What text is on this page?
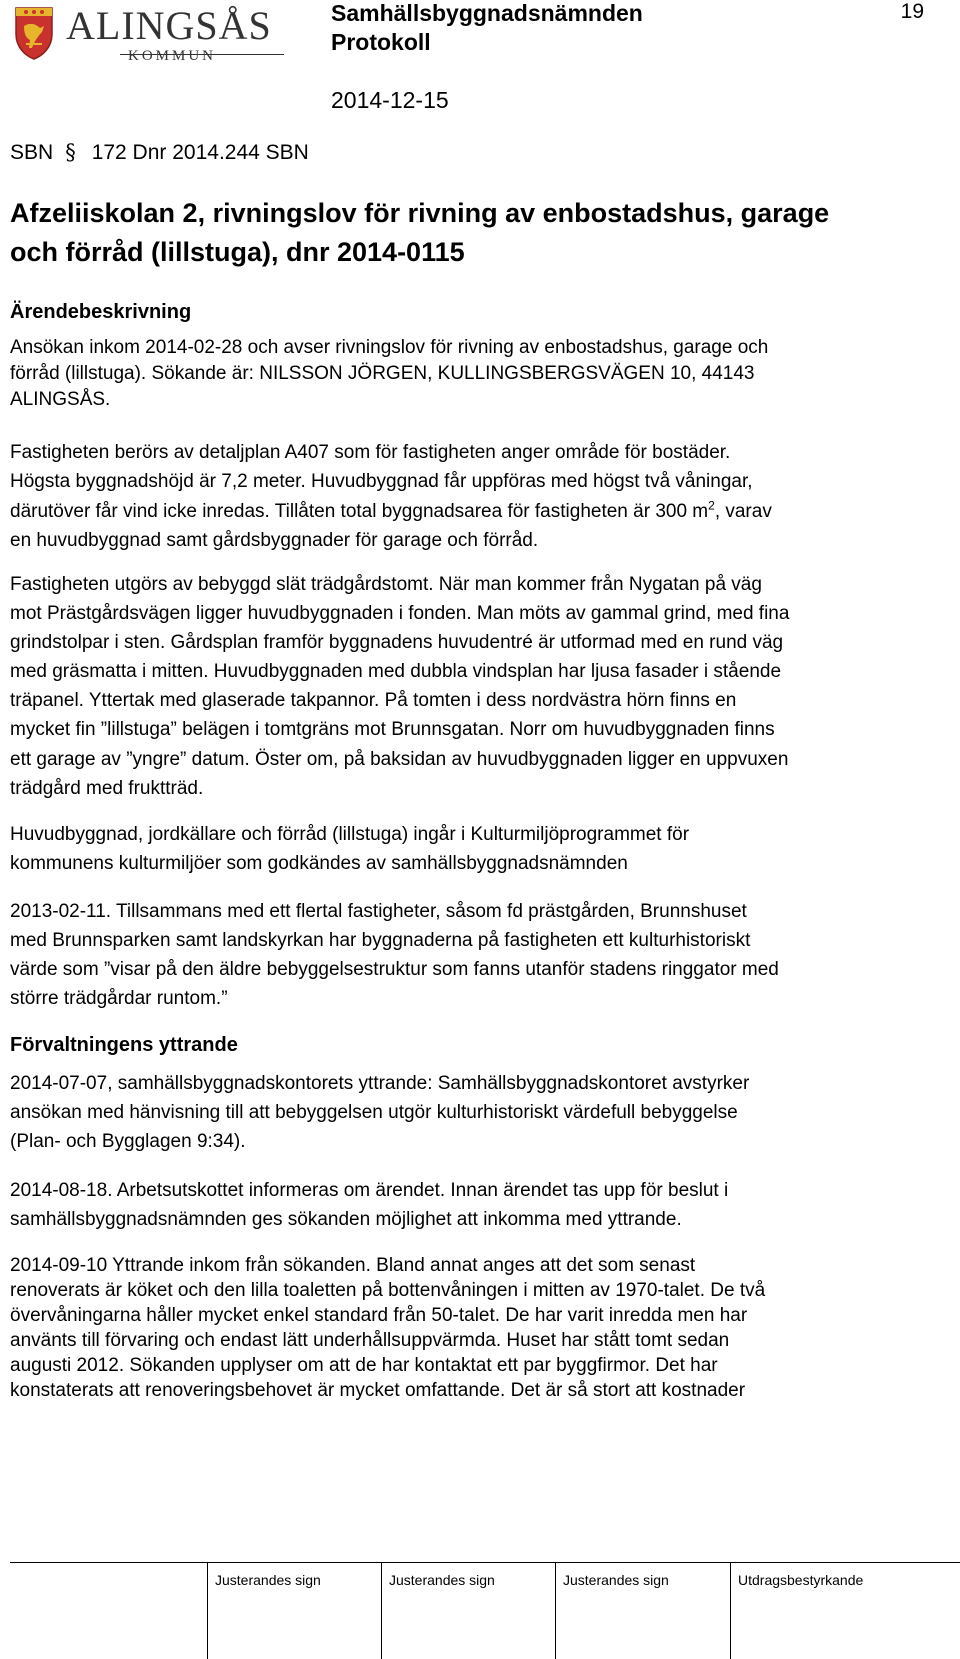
ALINGSÅS
KOMMUN
Samhällsbyggnadsnämnden
Protokoll
2014-12-15
19
SBN § 172 Dnr 2014.244 SBN
Afzeliiskolan 2, rivningslov för rivning av enbostadshus, garage
och förråd (lillstuga), dnr 2014-0115
Ärendebeskrivning
Ansökan inkom 2014-02-28 och avser rivningslov för rivning av enbostadshus, garage och
förråd (lillstuga). Sökande är: NILSSON JÖRGEN, KULLINGSBERGSVÄGEN 10, 44143
ALINGSÅS.
Fastigheten berörs av detaljplan A407 som för fastigheten anger område för bostäder.
Högsta byggnadshöjd är 7,2 meter. Huvudbyggnad får uppföras med högst två våningar,
därutöver får vind icke inredas. Tillåten total byggnadsarea för fastigheten är 300 $m^2$, varav
en huvudbyggnad samt gårdsbyggnader för garage och förråd.
Fastigheten utgörs av bebyggd slät trädgårdstomt. När man kommer från Nygatan på väg
mot Prästgårdsvägen ligger huvudbyggnaden i fonden. Man möts av gammal grind, med fina
grindstolpar i sten. Gårdsplan framför byggnadens huvudentré är utformad med en rund väg
med gräsmatta i mitten. Huvudbyggnaden med dubbla vindsplan har ljusa fasader i stående
träpanel. Yttertak med glaserade takpannor. På tomten i dess nordvästra hörn finns en
mycket fin ”lillstuga” belägen i tomtgräns mot Brunnsgatan. Norr om huvudbyggnaden finns
ett garage av ”yngre” datum. Öster om, på baksidan av huvudbyggnaden ligger en uppvuxen
trädgård med fruktträd.
Huvudbyggnad, jordkällare och förråd (lillstuga) ingår i Kulturmiljöprogrammet för
kommunens kulturmiljöer som godkändes av samhällsbyggnadsnämnden
2013-02-11. Tillsammans med ett flertal fastigheter, såsom fd prästgården, Brunnshuset
med Brunnsparken samt landskyrkan har byggnaderna på fastigheten ett kulturhistoriskt
värde som ”visar på den äldre bebyggelsestruktur som fanns utanför stadens ringgator med
större trädgårdar runtom.”
Förvaltningens yttrande
2014-07-07, samhällsbyggnadskontorets yttrande: Samhällsbyggnadskontoret avstyrker
ansökan med hänvisning till att bebyggelsen utgör kulturhistoriskt värdefull bebyggelse
(Plan- och Bygglagen 9:34).
2014-08-18. Arbetsutskottet informeras om ärendet. Innan ärendet tas upp för beslut i
samhällsbyggnadsnämnden ges sökanden möjlighet att inkomma med yttrande.
2014-09-10 Yttrande inkom från sökanden. Bland annat anges att det som senast
renoverats är köket och den lilla toaletten på bottenvåningen i mitten av 1970-talet. De två
övervåningarna håller mycket enkel standard från 50-talet. De har varit inredda men har
använts till förvaring och endast lätt underhållsuppvärmda. Huset har stått tomt sedan
augusti 2012. Sökanden upplyser om att de har kontaktat ett par byggfirmor. Det har
konstaterats att renoveringsbehovet är mycket omfattande. Det är så stort att kostnader
Justerandes sign	Justerandes sign	Justerandes sign	Utdragsbestyrkande
